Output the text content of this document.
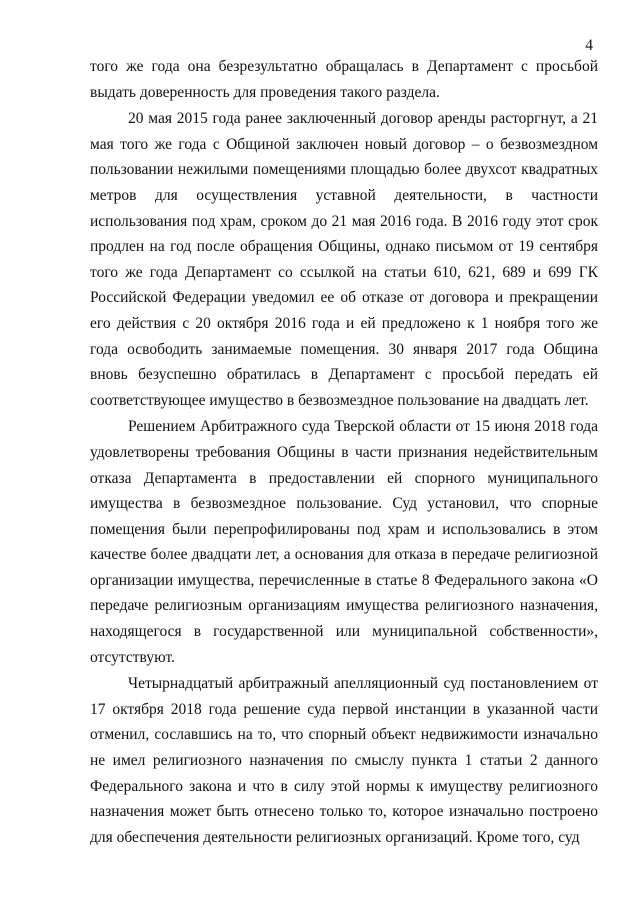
4

того же года она безрезультатно обращалась в Департамент с просьбой выдать доверенность для проведения такого раздела.

20 мая 2015 года ранее заключенный договор аренды расторгнут, а 21 мая того же года с Общиной заключен новый договор – о безвозмездном пользовании нежилыми помещениями площадью более двухсот квадратных метров для осуществления уставной деятельности, в частности использования под храм, сроком до 21 мая 2016 года. В 2016 году этот срок продлен на год после обращения Общины, однако письмом от 19 сентября того же года Департамент со ссылкой на статьи 610, 621, 689 и 699 ГК Российской Федерации уведомил ее об отказе от договора и прекращении его действия с 20 октября 2016 года и ей предложено к 1 ноября того же года освободить занимаемые помещения. 30 января 2017 года Община вновь безуспешно обратилась в Департамент с просьбой передать ей соответствующее имущество в безвозмездное пользование на двадцать лет.

Решением Арбитражного суда Тверской области от 15 июня 2018 года удовлетворены требования Общины в части признания недействительным отказа Департамента в предоставлении ей спорного муниципального имущества в безвозмездное пользование. Суд установил, что спорные помещения были перепрофилированы под храм и использовались в этом качестве более двадцати лет, а основания для отказа в передаче религиозной организации имущества, перечисленные в статье 8 Федерального закона «О передаче религиозным организациям имущества религиозного назначения, находящегося в государственной или муниципальной собственности», отсутствуют.

Четырнадцатый арбитражный апелляционный суд постановлением от 17 октября 2018 года решение суда первой инстанции в указанной части отменил, сославшись на то, что спорный объект недвижимости изначально не имел религиозного назначения по смыслу пункта 1 статьи 2 данного Федерального закона и что в силу этой нормы к имуществу религиозного назначения может быть отнесено только то, которое изначально построено для обеспечения деятельности религиозных организаций. Кроме того, суд
